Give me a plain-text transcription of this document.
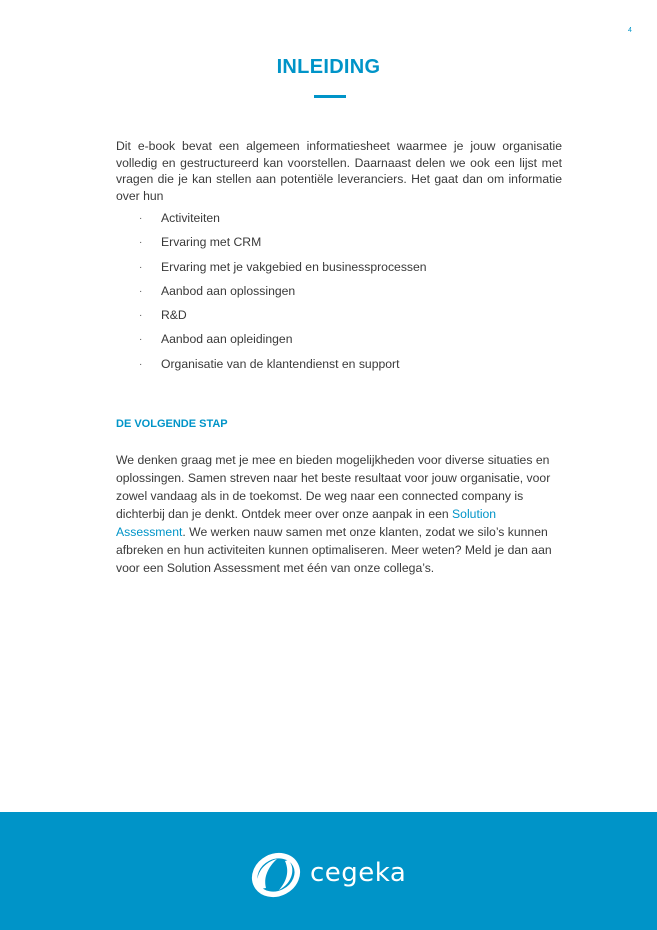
4
INLEIDING

Dit e-book bevat een algemeen informatiesheet waarmee je jouw organisatie volledig en gestructureerd kan voorstellen. Daarnaast delen we ook een lijst met vragen die je kan stellen aan potentiële leveranciers. Het gaat dan om informatie over hun

· Activiteiten
· Ervaring met CRM
· Ervaring met je vakgebied en businessprocessen
· Aanbod aan oplossingen
· R&D
· Aanbod aan opleidingen
· Organisatie van de klantendienst en support
DE VOLGENDE STAP

We denken graag met je mee en bieden mogelijkheden voor diverse situaties en oplossingen. Samen streven naar het beste resultaat voor jouw organisatie, voor zowel vandaag als in de toekomst. De weg naar een connected company is dichterbij dan je denkt. Ontdek meer over onze aanpak in een Solution Assessment. We werken nauw samen met onze klanten, zodat we silo’s kunnen afbreken en hun activiteiten kunnen optimaliseren. Meer weten? Meld je dan aan voor een Solution Assessment met één van onze collega’s.

cegeka
